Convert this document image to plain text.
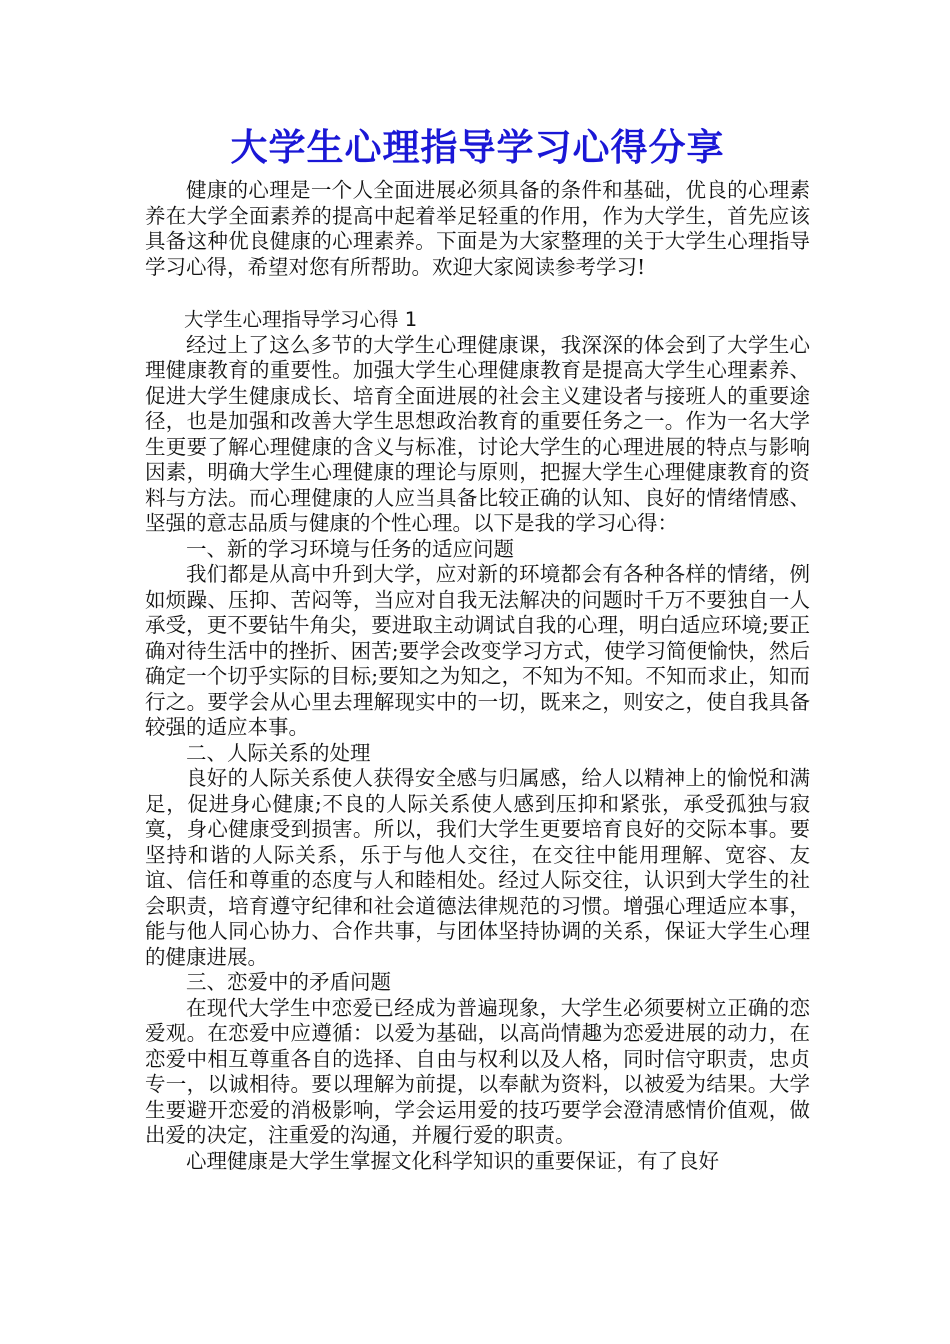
大学生心理指导学习心得分享

健康的心理是一个人全面进展必须具备的条件和基础，优良的心理素养在大学全面素养的提高中起着举足轻重的作用，作为大学生，首先应该具备这种优良健康的心理素养。下面是为大家整理的关于大学生心理指导学习心得，希望对您有所帮助。欢迎大家阅读参考学习!

大学生心理指导学习心得 1

经过上了这么多节的大学生心理健康课，我深深的体会到了大学生心理健康教育的重要性。加强大学生心理健康教育是提高大学生心理素养、促进大学生健康成长、培育全面进展的社会主义建设者与接班人的重要途径，也是加强和改善大学生思想政治教育的重要任务之一。作为一名大学生更要了解心理健康的含义与标准，讨论大学生的心理进展的特点与影响因素，明确大学生心理健康的理论与原则，把握大学生心理健康教育的资料与方法。而心理健康的人应当具备比较正确的认知、良好的情绪情感、坚强的意志品质与健康的个性心理。以下是我的学习心得：

一、新的学习环境与任务的适应问题

我们都是从高中升到大学，应对新的环境都会有各种各样的情绪，例如烦躁、压抑、苦闷等，当应对自我无法解决的问题时千万不要独自一人承受，更不要钻牛角尖，要进取主动调试自我的心理，明白适应环境;要正确对待生活中的挫折、困苦;要学会改变学习方式，使学习简便愉快，然后确定一个切乎实际的目标;要知之为知之，不知为不知。不知而求止，知而行之。要学会从心里去理解现实中的一切，既来之，则安之，使自我具备较强的适应本事。

二、人际关系的处理

良好的人际关系使人获得安全感与归属感，给人以精神上的愉悦和满足，促进身心健康;不良的人际关系使人感到压抑和紧张，承受孤独与寂寞，身心健康受到损害。所以，我们大学生更要培育良好的交际本事。要坚持和谐的人际关系，乐于与他人交往，在交往中能用理解、宽容、友谊、信任和尊重的态度与人和睦相处。经过人际交往，认识到大学生的社会职责，培育遵守纪律和社会道德法律规范的习惯。增强心理适应本事，能与他人同心协力、合作共事，与团体坚持协调的关系，保证大学生心理的健康进展。

三、恋爱中的矛盾问题

在现代大学生中恋爱已经成为普遍现象，大学生必须要树立正确的恋爱观。在恋爱中应遵循：以爱为基础，以高尚情趣为恋爱进展的动力，在恋爱中相互尊重各自的选择、自由与权利以及人格，同时信守职责，忠贞专一，以诚相待。要以理解为前提，以奉献为资料，以被爱为结果。大学生要避开恋爱的消极影响，学会运用爱的技巧要学会澄清感情价值观，做出爱的决定，注重爱的沟通，并履行爱的职责。

心理健康是大学生掌握文化科学知识的重要保证，有了良好
